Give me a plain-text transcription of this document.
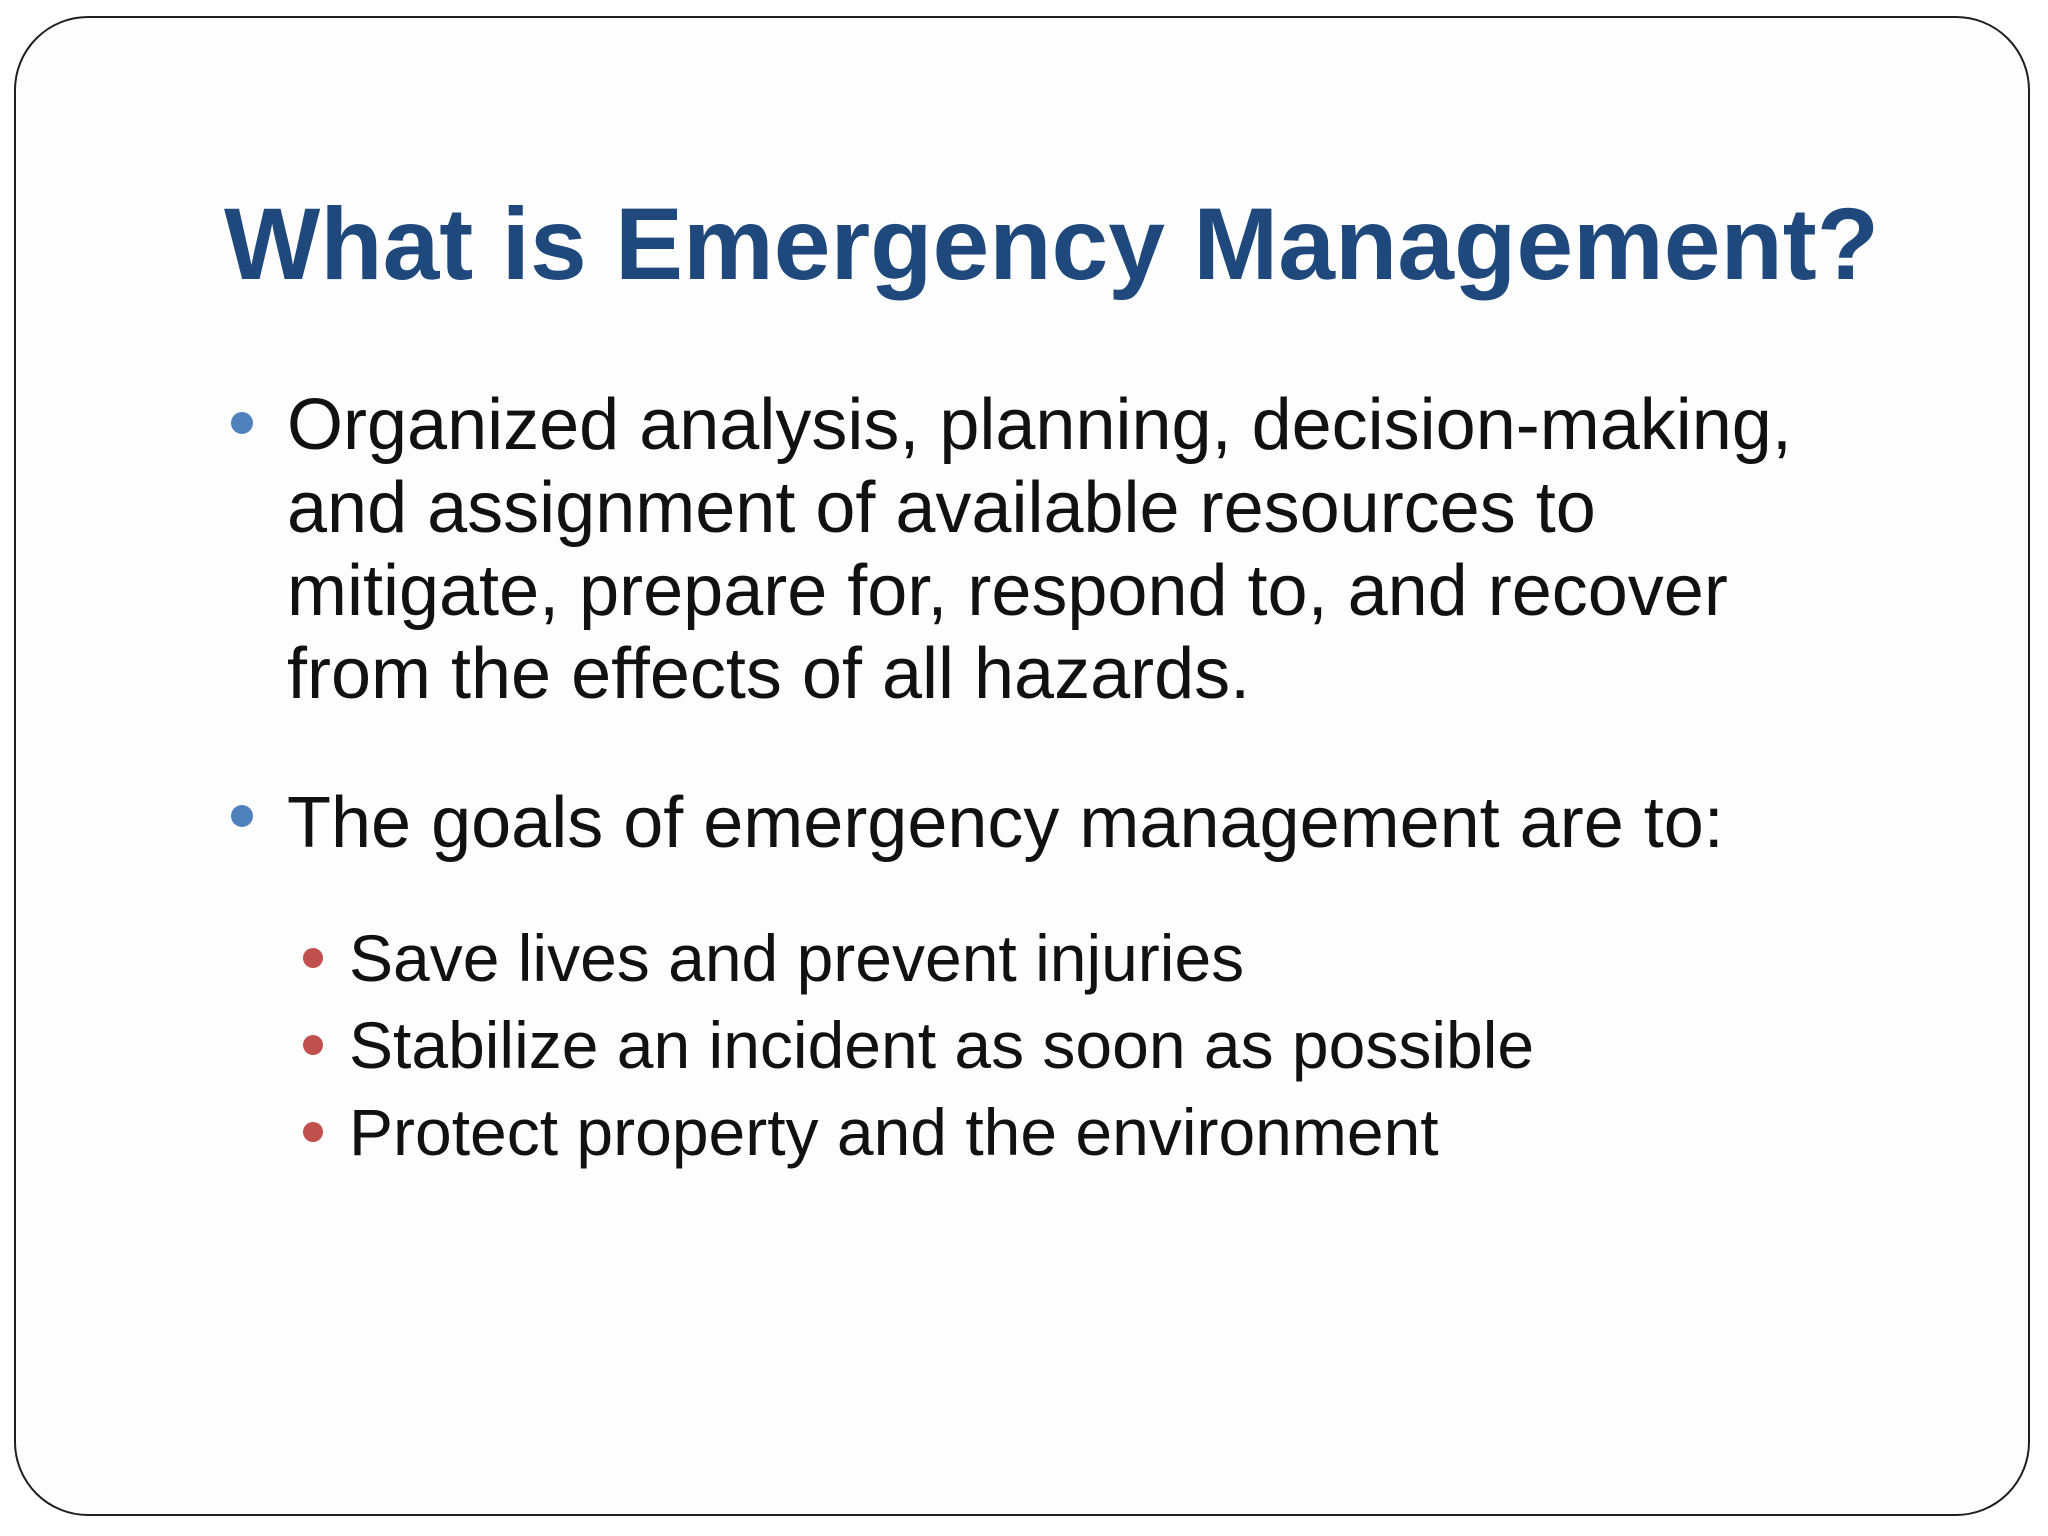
What is Emergency Management?
Organized analysis, planning, decision-making,
and assignment of available resources to
mitigate, prepare for, respond to, and recover
from the effects of all hazards.
The goals of emergency management are to:
Save lives and prevent injuries
Stabilize an incident as soon as possible
Protect property and the environment
